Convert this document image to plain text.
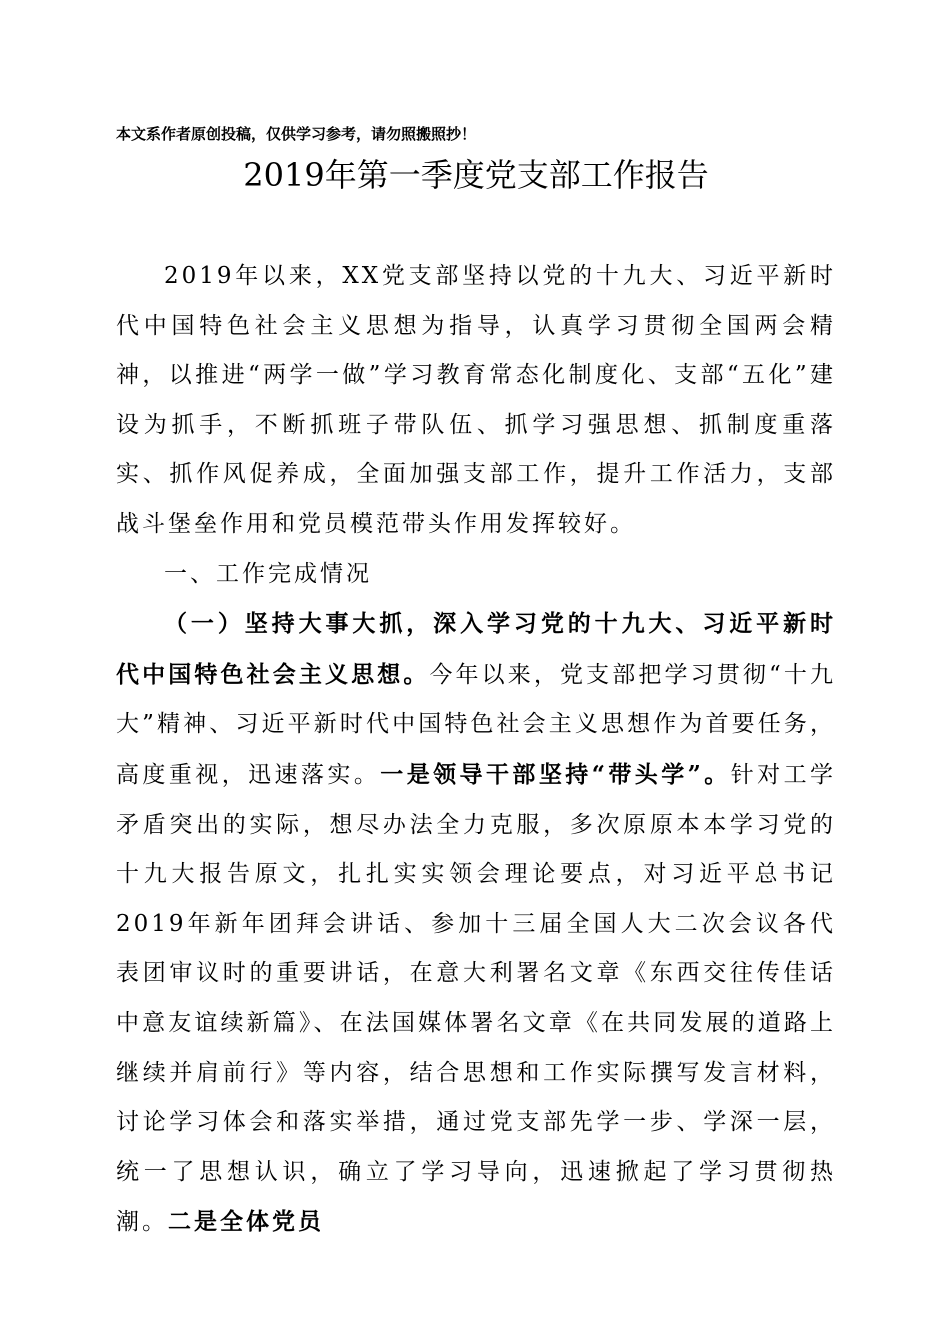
本文系作者原创投稿，仅供学习参考，请勿照搬照抄！
2019年第一季度党支部工作报告

2019年以来，XX党支部坚持以党的十九大、习近平新时代中国特色社会主义思想为指导，认真学习贯彻全国两会精神，以推进“两学一做”学习教育常态化制度化、支部“五化”建设为抓手，不断抓班子带队伍、抓学习强思想、抓制度重落实、抓作风促养成，全面加强支部工作，提升工作活力，支部战斗堡垒作用和党员模范带头作用发挥较好。

一、工作完成情况

（一）坚持大事大抓，深入学习党的十九大、习近平新时代中国特色社会主义思想。今年以来，党支部把学习贯彻“十九大”精神、习近平新时代中国特色社会主义思想作为首要任务，高度重视，迅速落实。一是领导干部坚持“带头学”。针对工学矛盾突出的实际，想尽办法全力克服，多次原原本本学习党的十九大报告原文，扎扎实实领会理论要点，对习近平总书记2019年新年团拜会讲话、参加十三届全国人大二次会议各代表团审议时的重要讲话，在意大利署名文章《东西交往传佳话 中意友谊续新篇》、在法国媒体署名文章《在共同发展的道路上继续并肩前行》等内容，结合思想和工作实际撰写发言材料，讨论学习体会和落实举措，通过党支部先学一步、学深一层，统一了思想认识，确立了学习导向，迅速掀起了学习贯彻热潮。二是全体党员
